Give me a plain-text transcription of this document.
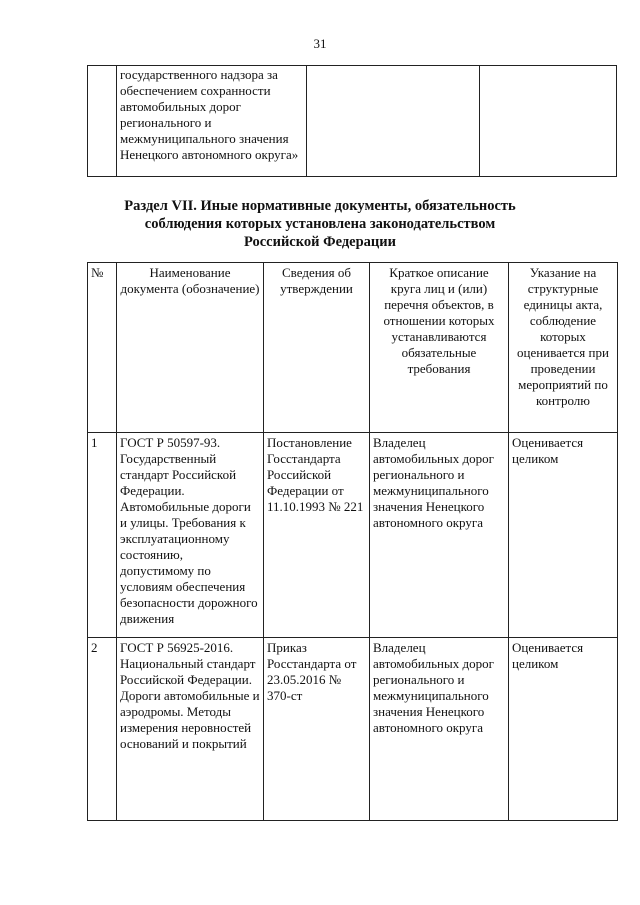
31
	государственного надзора за обеспечением сохранности автомобильных дорог регионального и межмуниципального значения Ненецкого автономного округа»		
Раздел VII. Иные нормативные документы, обязательность
соблюдения которых установлена законодательством
Российской Федерации
№	Наименование документа (обозначение)	Сведения об утверждении	Краткое описание круга лиц и (или) перечня объектов, в отношении которых устанавливаются обязательные требования	Указание на структурные единицы акта, соблюдение которых оценивается при проведении мероприятий по контролю
1	ГОСТ Р 50597-93. Государственный стандарт Российской Федерации. Автомобильные дороги и улицы. Требования к эксплуатационному состоянию, допустимому по условиям обеспечения безопасности дорожного движения	Постановление Госстандарта Российской Федерации от 11.10.1993 № 221	Владелец автомобильных дорог регионального и межмуниципального значения Ненецкого автономного округа	Оценивается целиком
2	ГОСТ Р 56925-2016. Национальный стандарт Российской Федерации. Дороги автомобильные и аэродромы. Методы измерения неровностей оснований и покрытий	Приказ Росстандарта от 23.05.2016 № 370-ст	Владелец автомобильных дорог регионального и межмуниципального значения Ненецкого автономного округа	Оценивается целиком
